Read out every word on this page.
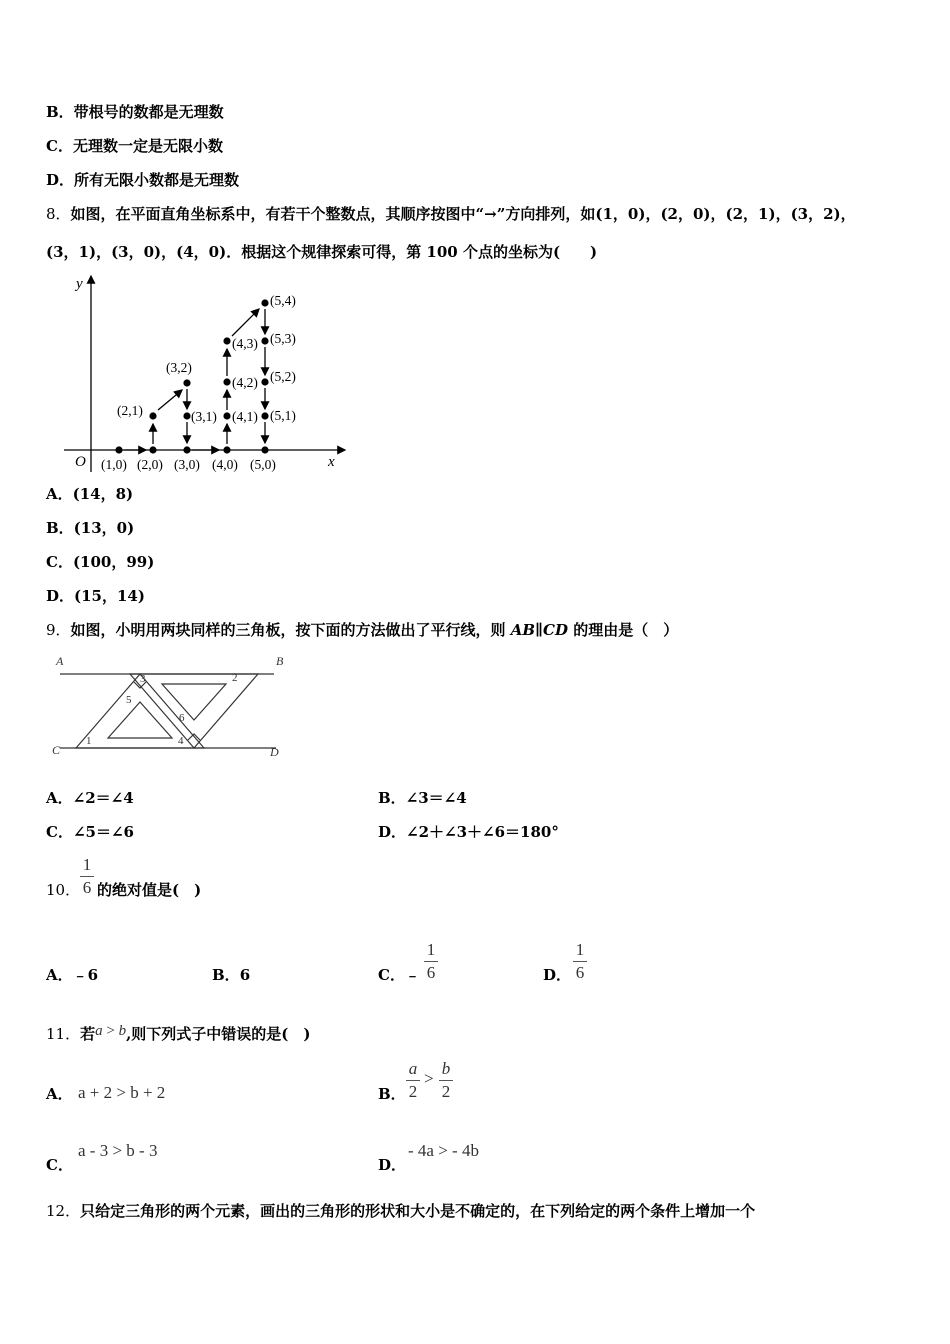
B．带根号的数都是无理数
C．无理数一定是无限小数
D．所有无限小数都是无理数
8．如图，在平面直角坐标系中，有若干个整数点，其顺序按图中“→”方向排列，如(1，0)，(2，0)，(2，1)，(3，2)，
(3，1)，(3，0)，(4，0)．根据这个规律探索可得，第 100 个点的坐标为(　　)
y
x
O (1,0) (2,0) (3,0) (4,0) (5,0)
(2,1)
(3,2)
(3,1)
(4,3)
(4,2)
(4,1)
(5,4)
(5,3)
(5,2)
(5,1)
A．(14，8)
B．(13，0)
C．(100，99)
D．(15，14)
9．如图，小明用两块同样的三角板，按下面的方法做出了平行线，则 AB∥CD 的理由是（　）
A	B
C	D
1
2
3
4
5
6
A．∠2＝∠4	B．∠3＝∠4
C．∠5＝∠6	D．∠2＋∠3＋∠6＝180°
10．
1
6 的绝对值是(　)
A．﹣6	B．6	C．﹣
1
6	D．
1
6
11．若a > b,则下列式子中错误的是(　)
A． a + 2 > b + 2	B．
a
2
>
b
2
C．
a - 3 > b - 3
D．
- 4a > - 4b
12．只给定三角形的两个元素，画出的三角形的形状和大小是不确定的，在下列给定的两个条件上增加一个
